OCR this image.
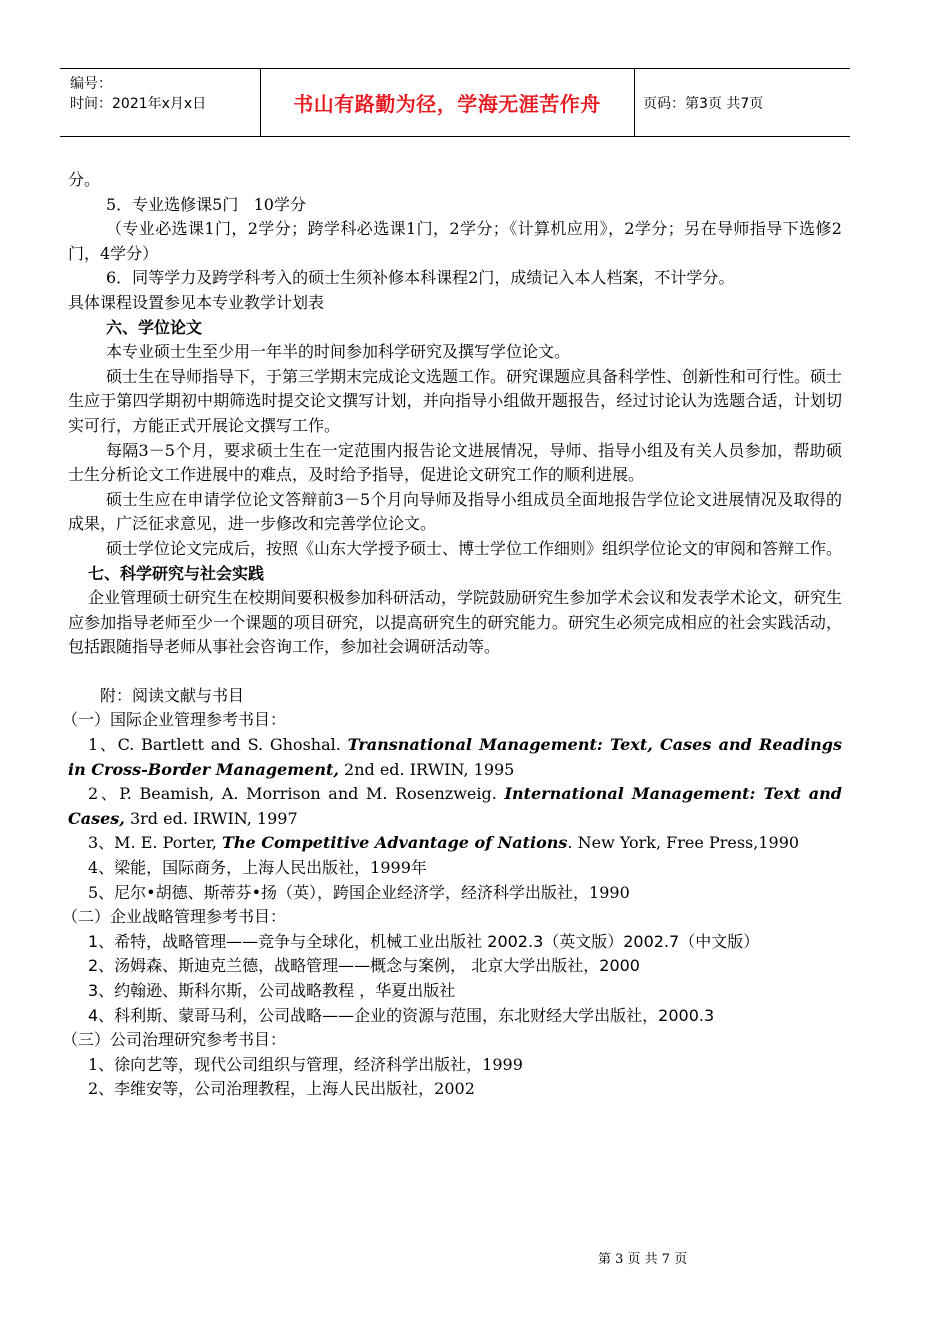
编号：
时间：2021年x月x日	书山有路勤为径，学海无涯苦作舟	页码：第3页 共7页

分。

5．专业选修课5门   10学分

（专业必选课1门，2学分；跨学科必选课1门，2学分；《计算机应用》，2学分；另在导师指导下选修2门，4学分）

6．同等学力及跨学科考入的硕士生须补修本科课程2门，成绩记入本人档案，不计学分。

具体课程设置参见本专业教学计划表

六、学位论文

本专业硕士生至少用一年半的时间参加科学研究及撰写学位论文。

硕士生在导师指导下，于第三学期末完成论文选题工作。研究课题应具备科学性、创新性和可行性。硕士生应于第四学期初中期筛选时提交论文撰写计划，并向指导小组做开题报告，经过讨论认为选题合适，计划切实可行，方能正式开展论文撰写工作。

每隔3－5个月，要求硕士生在一定范围内报告论文进展情况，导师、指导小组及有关人员参加，帮助硕士生分析论文工作进展中的难点，及时给予指导，促进论文研究工作的顺利进展。

硕士生应在申请学位论文答辩前3－5个月向导师及指导小组成员全面地报告学位论文进展情况及取得的成果，广泛征求意见，进一步修改和完善学位论文。

硕士学位论文完成后，按照《山东大学授予硕士、博士学位工作细则》组织学位论文的审阅和答辩工作。

七、科学研究与社会实践

企业管理硕士研究生在校期间要积极参加科研活动，学院鼓励研究生参加学术会议和发表学术论文，研究生应参加指导老师至少一个课题的项目研究，以提高研究生的研究能力。研究生必须完成相应的社会实践活动，包括跟随指导老师从事社会咨询工作，参加社会调研活动等。

附：阅读文献与书目

（一）国际企业管理参考书目：

1、C. Bartlett and S. Ghoshal. Transnational Management: Text, Cases and Readings in Cross-Border Management, 2nd ed. IRWIN, 1995

2、P. Beamish, A. Morrison and M. Rosenzweig. International Management: Text and Cases, 3rd ed. IRWIN, 1997

3、M. E. Porter, The Competitive Advantage of Nations. New York, Free Press,1990

4、梁能，国际商务，上海人民出版社，1999年

5、尼尔•胡德、斯蒂芬•扬（英），跨国企业经济学，经济科学出版社，1990

（二）企业战略管理参考书目：

1、希特，战略管理——竞争与全球化，机械工业出版社 2002.3（英文版）2002.7（中文版）

2、汤姆森、斯迪克兰德，战略管理——概念与案例， 北京大学出版社，2000

3、约翰逊、斯科尔斯，公司战略教程 ，华夏出版社

4、科利斯、蒙哥马利，公司战略——企业的资源与范围，东北财经大学出版社，2000.3

（三）公司治理研究参考书目：

1、徐向艺等，现代公司组织与管理，经济科学出版社，1999

2、李维安等，公司治理教程，上海人民出版社，2002

第 3 页 共 7 页
